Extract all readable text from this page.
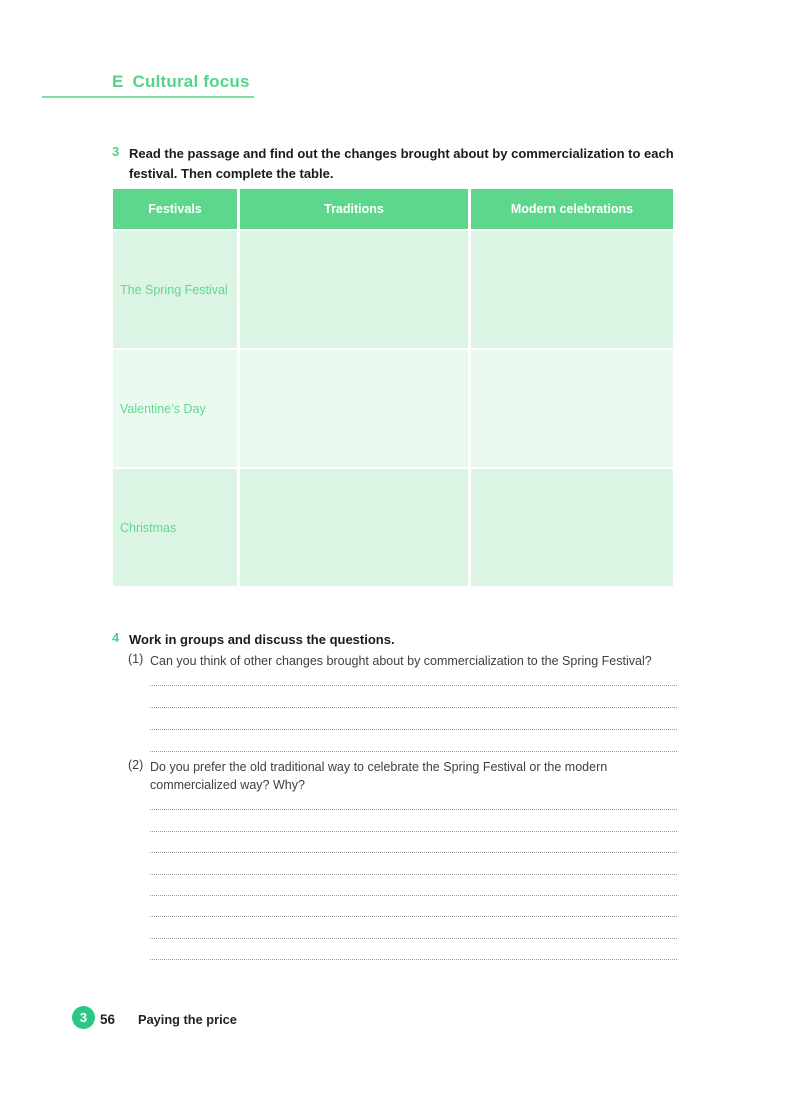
E Cultural focus
3 Read the passage and find out the changes brought about by commercialization to each festival. Then complete the table.
Festivals	Traditions	Modern celebrations
The Spring Festival
Valentine’s Day
Christmas
4 Work in groups and discuss the questions.
(1) Can you think of other changes brought about by commercialization to the Spring Festival?
(2) Do you prefer the old traditional way to celebrate the Spring Festival or the modern commercialized way? Why?
3 56 Paying the price
